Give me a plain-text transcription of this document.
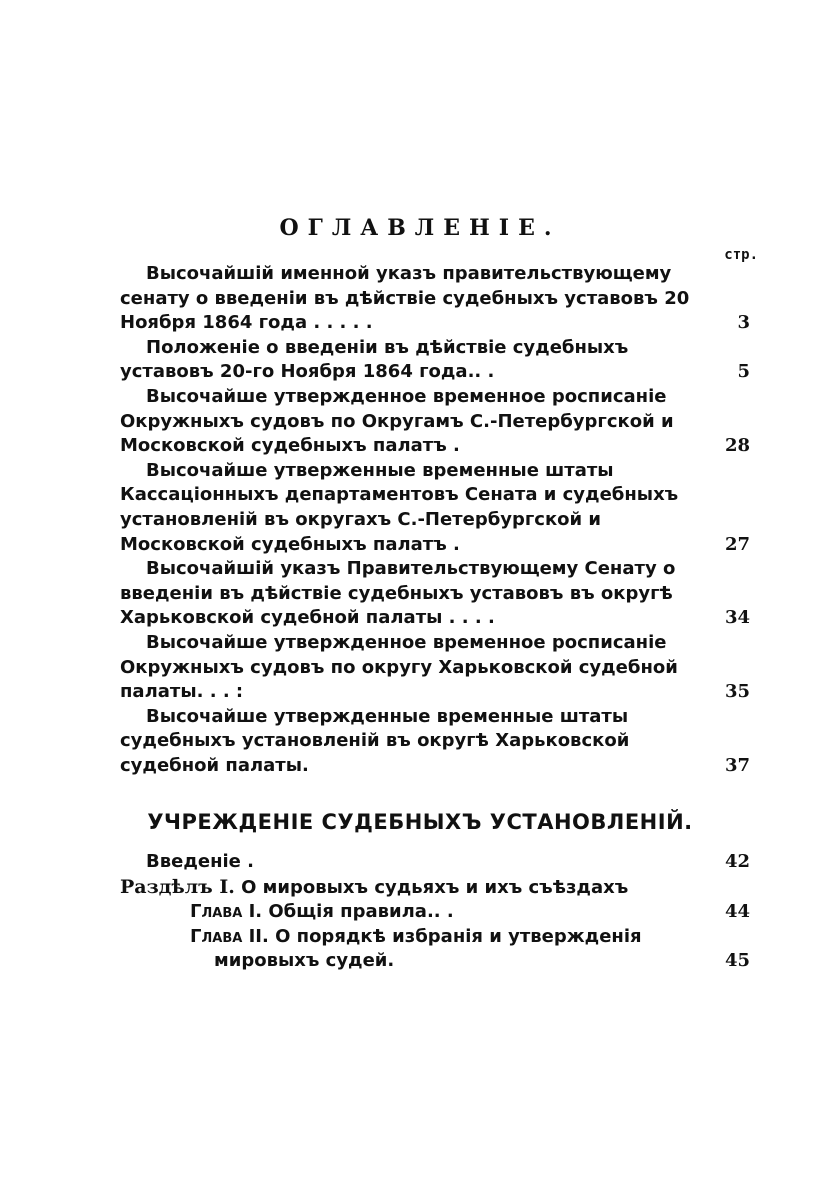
ОГЛАВЛЕНІЕ.
стр.
Высочайшій именной указъ правительствующему сенату о введеніи въ дѣйствіе судебныхъ уставовъ 20 Ноября 1864 года . . . . .	3
Положеніе о введеніи въ дѣйствіе судебныхъ уставовъ 20-го Ноября 1864 года.. .	5
Высочайше утвержденное временное росписаніе Окружныхъ судовъ по Округамъ С.-Петербургской и Московской судебныхъ палатъ .	28
Высочайше утверженные временные штаты Кассаціонныхъ департаментовъ Сената и судебныхъ установленій въ округахъ С.-Петербургской и Московской судебныхъ палатъ .	27
Высочайшій указъ Правительствующему Сенату о введеніи въ дѣйствіе судебныхъ уставовъ въ округѣ Харьковской судебной палаты . . . .	34
Высочайше утвержденное временное росписаніе Окружныхъ судовъ по округу Харьковской судебной палаты. . . :	35
Высочайше утвержденные временные штаты судебныхъ установленій въ округѣ Харьковской судебной палаты.	37
УЧРЕЖДЕНІЕ СУДЕБНЫХЪ УСТАНОВЛЕНІЙ.
Введеніе .	42
Раздѣлъ I. О мировыхъ судьяхъ и ихъ съѣздахъ
Глава I. Общія правила.. .	44
Глава II. О порядкѣ избранія и утвержденія мировыхъ судей.	45
